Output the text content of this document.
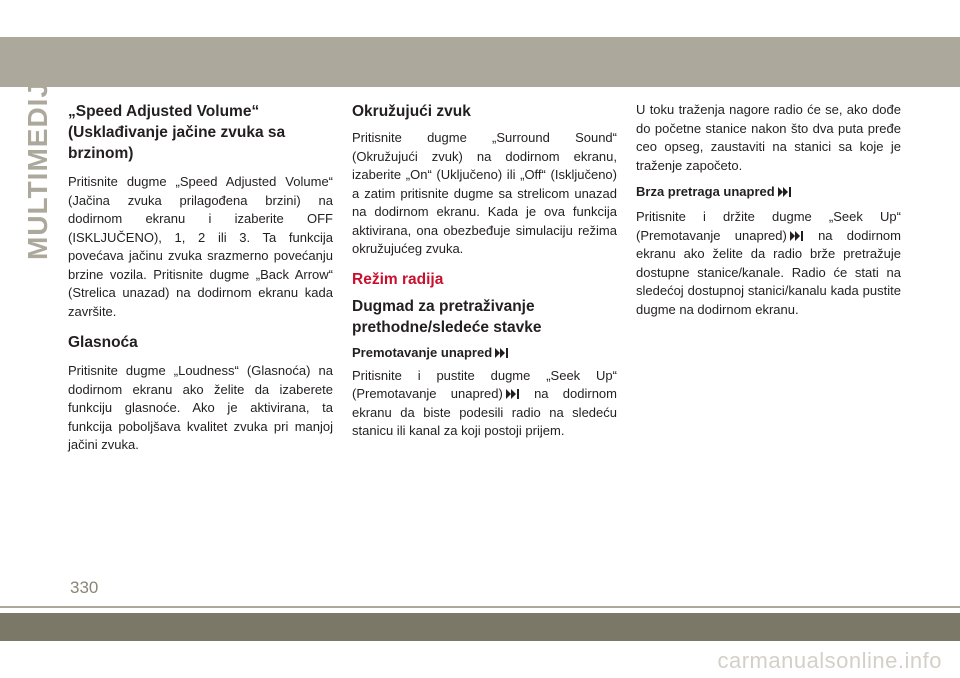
MULTIMEDIJA „Speed Adjusted Volume“ (Usklađivanje jačine zvuka sa brzinom)

Pritisnite dugme „Speed Adjusted Volume“ (Jačina zvuka prilagođena brzini) na dodirnom ekranu i izaberite OFF (ISKLJUČENO), 1, 2 ili 3. Ta funkcija povećava jačinu zvuka srazmerno povećanju brzine vozila. Pritisnite dugme „Back Arrow“ (Strelica unazad) na dodirnom ekranu kada završite.

Glasnoća

Pritisnite dugme „Loudness“ (Glasnoća) na dodirnom ekranu ako želite da izaberete funkciju glasnoće. Ako je aktivirana, ta funkcija poboljšava kvalitet zvuka pri manjoj jačini zvuka.

Okružujući zvuk

Pritisnite dugme „Surround Sound“ (Okružujući zvuk) na dodirnom ekranu, izaberite „On“ (Uključeno) ili „Off“ (Isključeno) a zatim pritisnite dugme sa strelicom unazad na dodirnom ekranu. Kada je ova funkcija aktivirana, ona obezbeđuje simulaciju režima okružujućeg zvuka.

Režim radija
Dugmad za pretraživanje prethodne/sledeće stavke
Premotavanje unapred

Pritisnite i pustite dugme „Seek Up“ (Premotavanje unapred) na dodirnom ekranu da biste podesili radio na sledeću stanicu ili kanal za koji postoji prijem.

U toku traženja nagore radio će se, ako dođe do početne stanice nakon što dva puta pređe ceo opseg, zaustaviti na stanici sa koje je traženje započeto.

Brza pretraga unapred

Pritisnite i držite dugme „Seek Up“ (Premotavanje unapred) na dodirnom ekranu ako želite da radio brže pretražuje dostupne stanice/kanale. Radio će stati na sledećoj dostupnoj stanici/kanalu kada pustite dugme na dodirnom ekranu.

330
carmanualsonline.info
